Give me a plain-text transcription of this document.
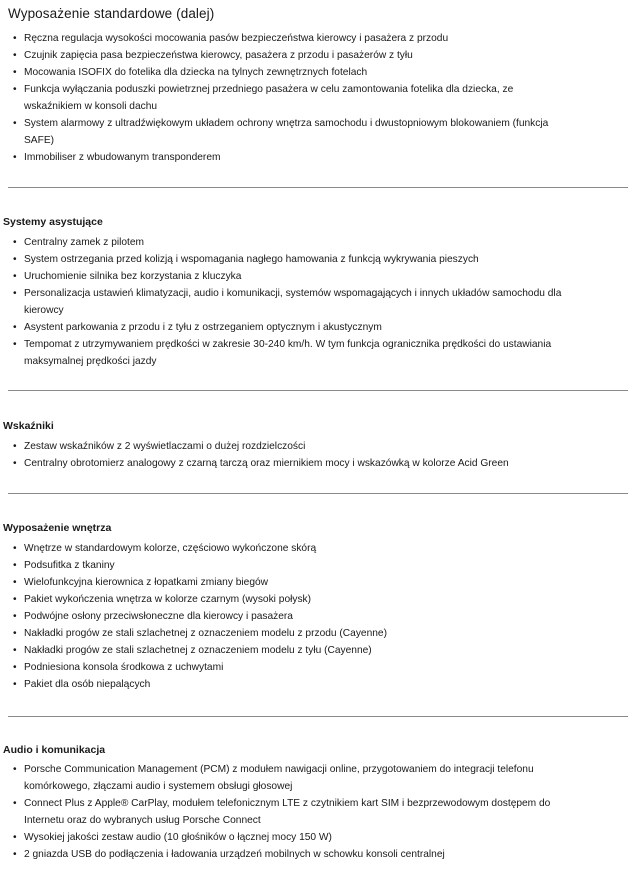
Wyposażenie standardowe (dalej)
• Ręczna regulacja wysokości mocowania pasów bezpieczeństwa kierowcy i pasażera z przodu
• Czujnik zapięcia pasa bezpieczeństwa kierowcy, pasażera z przodu i pasażerów z tyłu
• Mocowania ISOFIX do fotelika dla dziecka na tylnych zewnętrznych fotelach
• Funkcja wyłączania poduszki powietrznej przedniego pasażera w celu zamontowania fotelika dla dziecka, ze
wskaźnikiem w konsoli dachu
• System alarmowy z ultradźwiękowym układem ochrony wnętrza samochodu i dwustopniowym blokowaniem (funkcja
SAFE)
• Immobiliser z wbudowanym transponderem
Systemy asystujące
• Centralny zamek z pilotem
• System ostrzegania przed kolizją i wspomagania nagłego hamowania z funkcją wykrywania pieszych
• Uruchomienie silnika bez korzystania z kluczyka
• Personalizacja ustawień klimatyzacji, audio i komunikacji, systemów wspomagających i innych układów samochodu dla
kierowcy
• Asystent parkowania z przodu i z tyłu z ostrzeganiem optycznym i akustycznym
• Tempomat z utrzymywaniem prędkości w zakresie 30-240 km/h. W tym funkcja ogranicznika prędkości do ustawiania
maksymalnej prędkości jazdy
Wskaźniki
• Zestaw wskaźników z 2 wyświetlaczami o dużej rozdzielczości
• Centralny obrotomierz analogowy z czarną tarczą oraz miernikiem mocy i wskazówką w kolorze Acid Green
Wyposażenie wnętrza
• Wnętrze w standardowym kolorze, częściowo wykończone skórą
• Podsufitka z tkaniny
• Wielofunkcyjna kierownica z łopatkami zmiany biegów
• Pakiet wykończenia wnętrza w kolorze czarnym (wysoki połysk)
• Podwójne osłony przeciwsłoneczne dla kierowcy i pasażera
• Nakładki progów ze stali szlachetnej z oznaczeniem modelu z przodu (Cayenne)
• Nakładki progów ze stali szlachetnej z oznaczeniem modelu z tyłu (Cayenne)
• Podniesiona konsola środkowa z uchwytami
• Pakiet dla osób niepalących
Audio i komunikacja
• Porsche Communication Management (PCM) z modułem nawigacji online, przygotowaniem do integracji telefonu
komórkowego, złączami audio i systemem obsługi głosowej
• Connect Plus z Apple® CarPlay, modułem telefonicznym LTE z czytnikiem kart SIM i bezprzewodowym dostępem do
Internetu oraz do wybranych usług Porsche Connect
• Wysokiej jakości zestaw audio (10 głośników o łącznej mocy 150 W)
• 2 gniazda USB do podłączenia i ładowania urządzeń mobilnych w schowku konsoli centralnej
